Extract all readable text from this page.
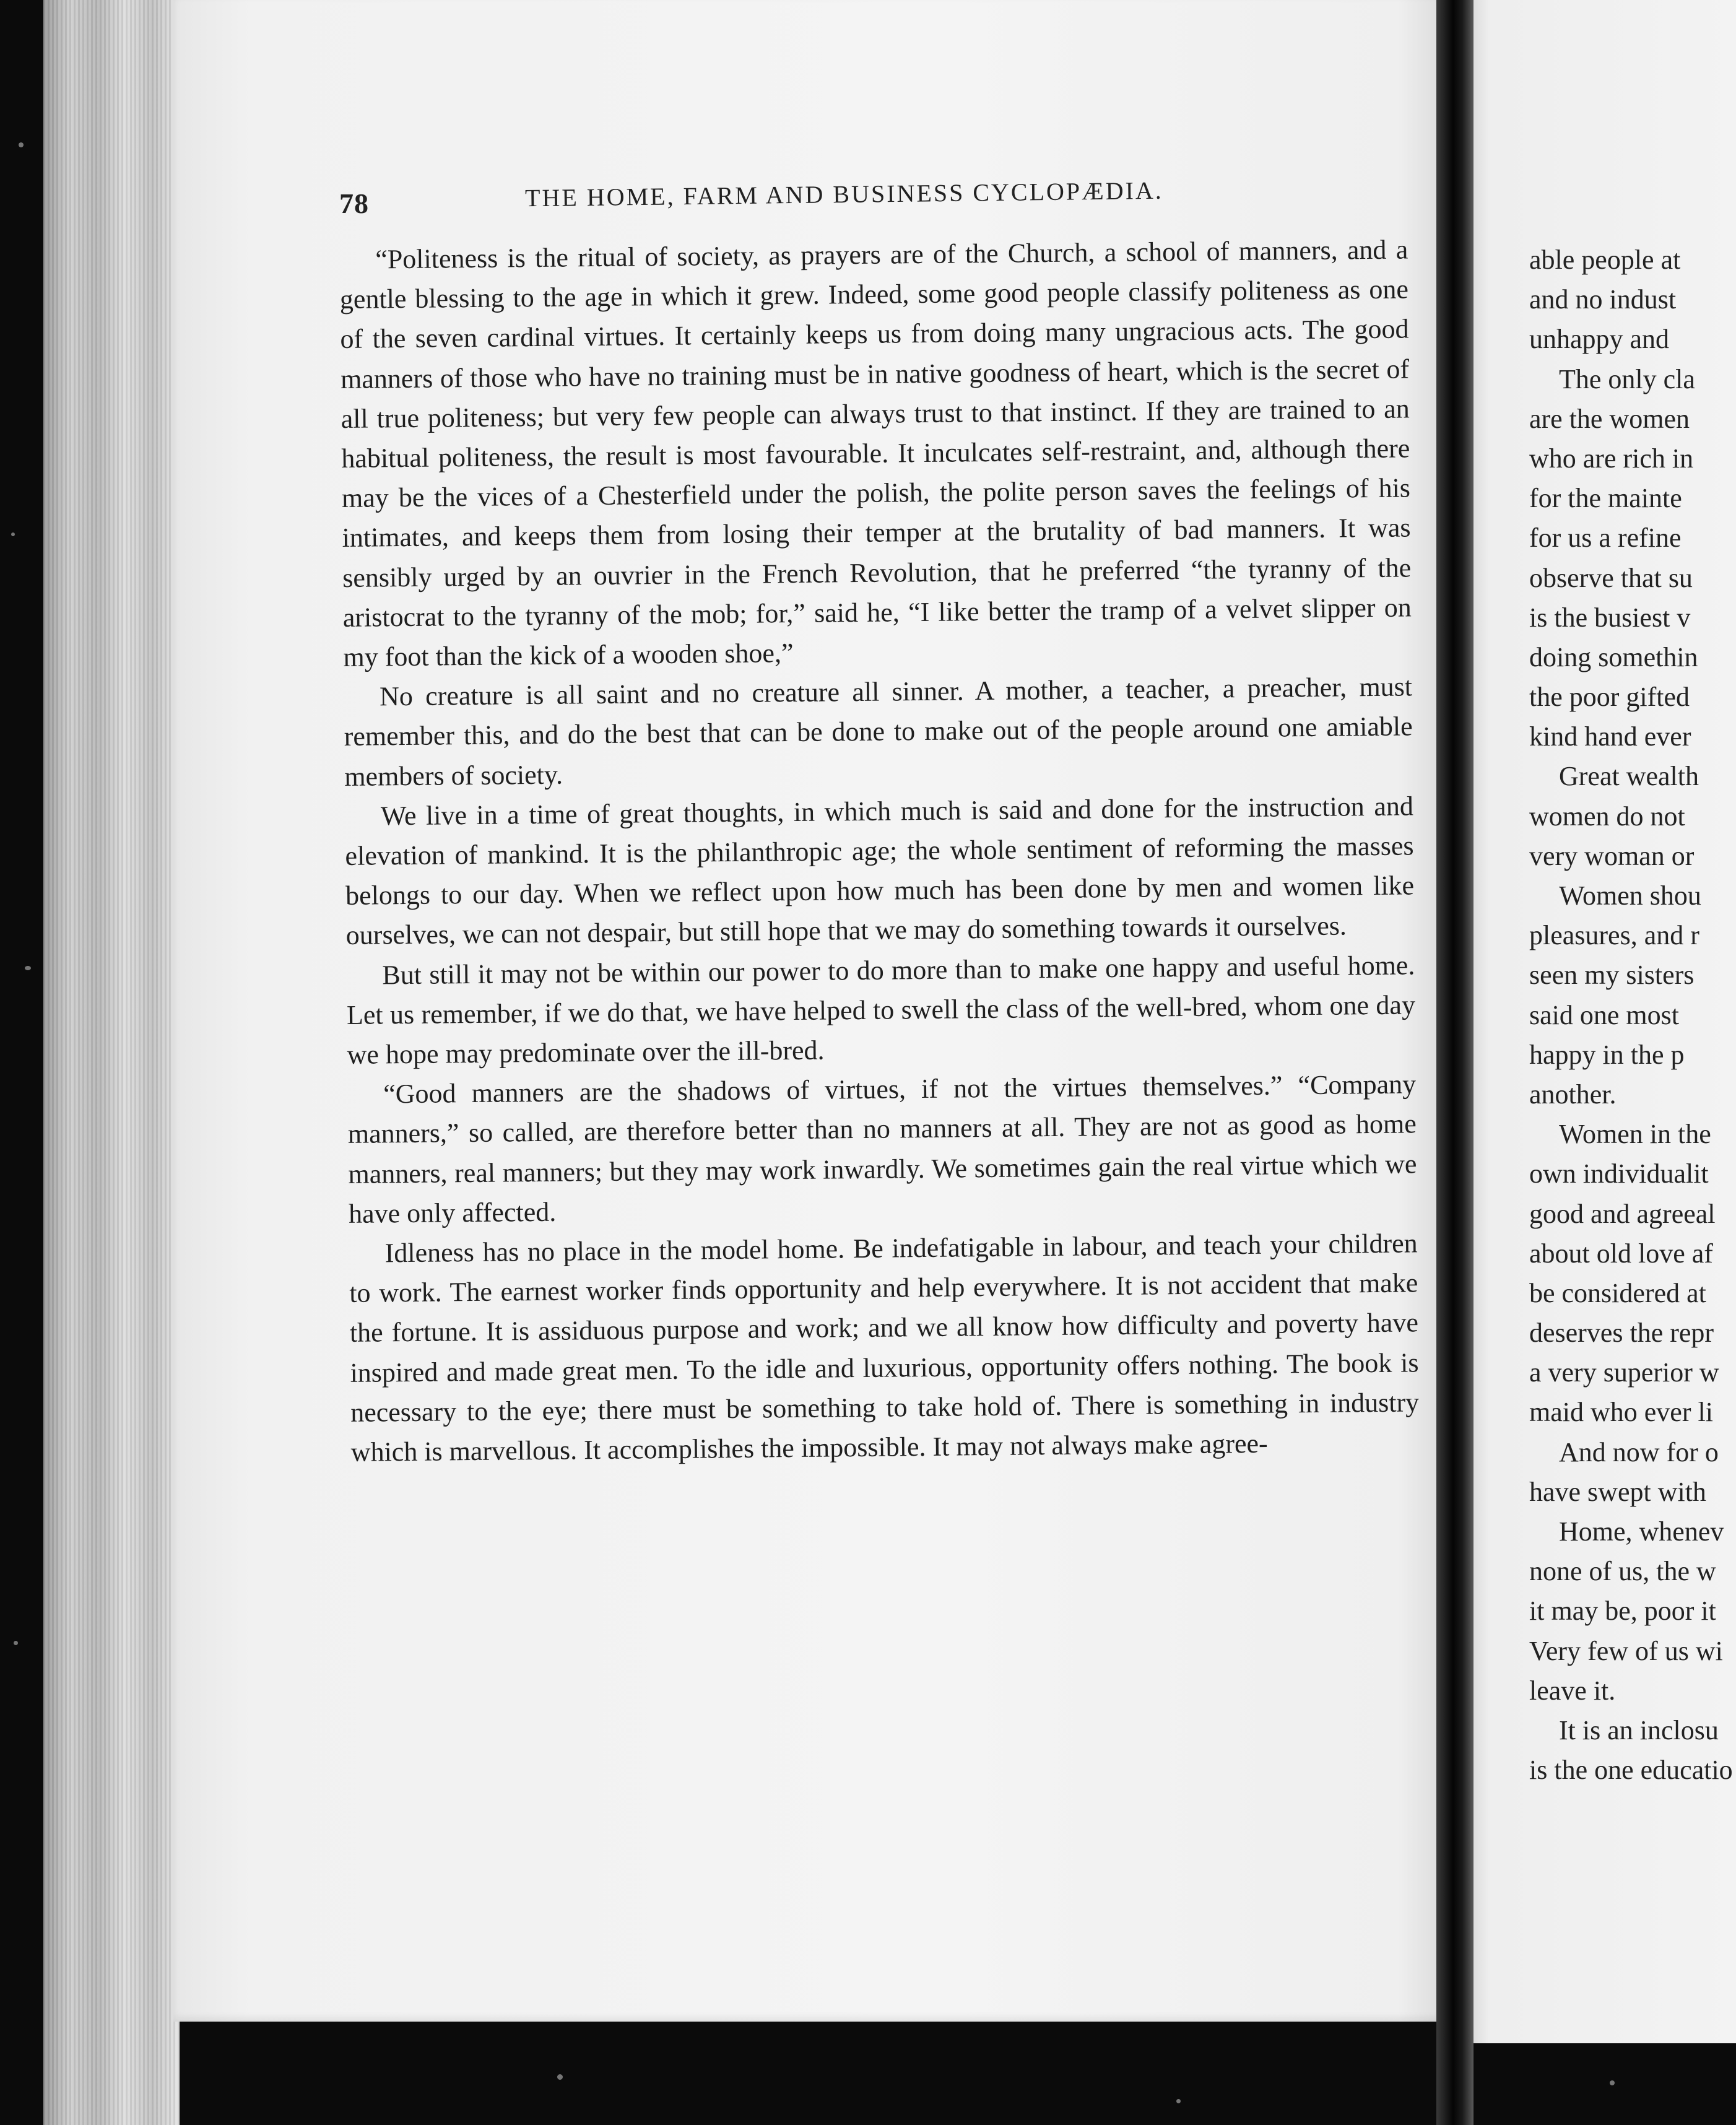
78	THE HOME, FARM AND BUSINESS CYCLOPÆDIA.

“Politeness is the ritual of society, as prayers are of the Church, a school of manners, and a gentle blessing to the age in which it grew. Indeed, some good people classify politeness as one of the seven cardinal virtues. It certainly keeps us from doing many ungracious acts. The good manners of those who have no training must be in native goodness of heart, which is the secret of all true politeness; but very few people can always trust to that instinct. If they are trained to an habitual politeness, the result is most favourable. It inculcates self-restraint, and, although there may be the vices of a Chesterfield under the polish, the polite person saves the feelings of his intimates, and keeps them from losing their temper at the brutality of bad manners. It was sensibly urged by an ouvrier in the French Revolution, that he preferred “the tyranny of the aristocrat to the tyranny of the mob; for,” said he, “I like better the tramp of a velvet slipper on my foot than the kick of a wooden shoe,”

No creature is all saint and no creature all sinner. A mother, a teacher, a preacher, must remember this, and do the best that can be done to make out of the people around one amiable members of society.

We live in a time of great thoughts, in which much is said and done for the instruction and elevation of mankind. It is the philanthropic age; the whole sentiment of reforming the masses belongs to our day. When we reflect upon how much has been done by men and women like ourselves, we can not despair, but still hope that we may do something towards it ourselves.

But still it may not be within our power to do more than to make one happy and useful home. Let us remember, if we do that, we have helped to swell the class of the well-bred, whom one day we hope may predominate over the ill-bred.

“Good manners are the shadows of virtues, if not the virtues themselves.” “Company manners,” so called, are therefore better than no manners at all. They are not as good as home manners, real manners; but they may work inwardly. We sometimes gain the real virtue which we have only affected.

Idleness has no place in the model home. Be indefatigable in labour, and teach your children to work. The earnest worker finds opportunity and help everywhere. It is not accident that make the fortune. It is assiduous purpose and work; and we all know how difficulty and poverty have inspired and made great men. To the idle and luxurious, opportunity offers nothing. The book is necessary to the eye; there must be something to take hold of. There is something in industry which is marvellous. It accomplishes the impossible. It may not always make agree-

able people at
and no indust
unhappy and
The only cla
are the women
who are rich in
for the mainte
for us a refine
observe that su
is the busiest v
doing somethin
the poor gifted
kind hand ever
Great wealth
women do not
very woman or
Women shou
pleasures, and r
seen my sisters
said one most
happy in the p
another.
Women in the
own individualit
good and agreeal
about old love af
be considered at
deserves the repr
a very superior w
maid who ever li
And now for o
have swept with
Home, whenev
none of us, the w
it may be, poor it
Very few of us wi
leave it.
It is an inclosu
is the one educatio
